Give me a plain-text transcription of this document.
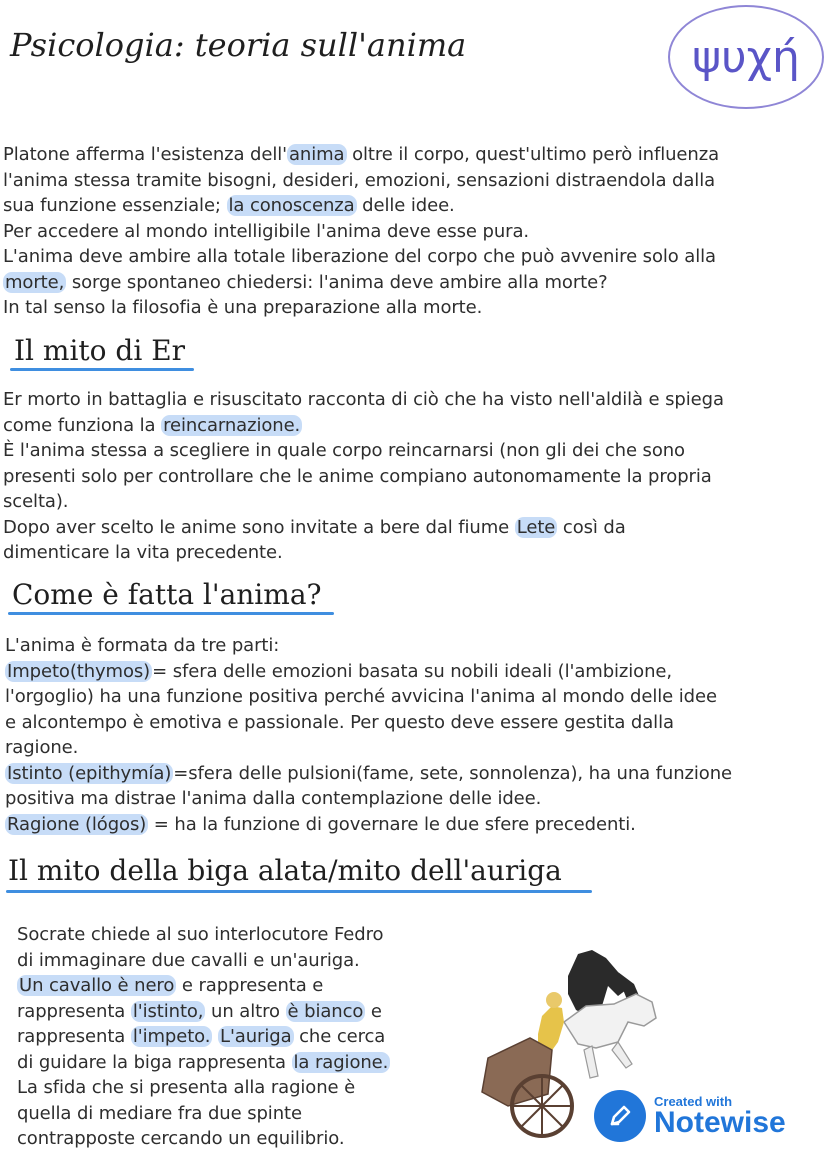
Psicologia: teoria sull'anima	ψυχή
Platone afferma l'esistenza dell' anima oltre il corpo, quest'ultimo però influenza
l'anima stessa tramite bisogni, desideri, emozioni, sensazioni distraendola dalla
sua funzione essenziale; la conoscenza delle idee.
Per accedere al mondo intelligibile l'anima deve esse pura.
L'anima deve ambire alla totale liberazione del corpo che può avvenire solo alla
morte, sorge spontaneo chiedersi: l'anima deve ambire alla morte?
In tal senso la filosofia è una preparazione alla morte.
Il mito di Er
Er morto in battaglia e risuscitato racconta di ciò che ha visto nell'aldilà e spiega
come funziona la reincarnazione.
È l'anima stessa a scegliere in quale corpo reincarnarsi (non gli dei che sono
presenti solo per controllare che le anime compiano autonomamente la propria
scelta).
Dopo aver scelto le anime sono invitate a bere dal fiume Lete così da
dimenticare la vita precedente.
Come è fatta l'anima?
L'anima è formata da tre parti:
Impeto(thymos) = sfera delle emozioni basata su nobili ideali (l'ambizione,
l'orgoglio) ha una funzione positiva perché avvicina l'anima al mondo delle idee
e alcontempo è emotiva e passionale. Per questo deve essere gestita dalla
ragione.
Istinto (epithymía) =sfera delle pulsioni(fame, sete, sonnolenza), ha una funzione
positiva ma distrae l'anima dalla contemplazione delle idee.
Ragione (lógos) = ha la funzione di governare le due sfere precedenti.
Il mito della biga alata/mito dell'auriga
Socrate chiede al suo interlocutore Fedro
di immaginare due cavalli e un'auriga.
Un cavallo è nero e rappresenta e
rappresenta l'istinto, un altro è bianco e
rappresenta l'impeto. L'auriga che cerca
di guidare la biga rappresenta la ragione.
La sfida che si presenta alla ragione è
quella di mediare fra due spinte
contrapposte cercando un equilibrio.
Created with
Notewise
